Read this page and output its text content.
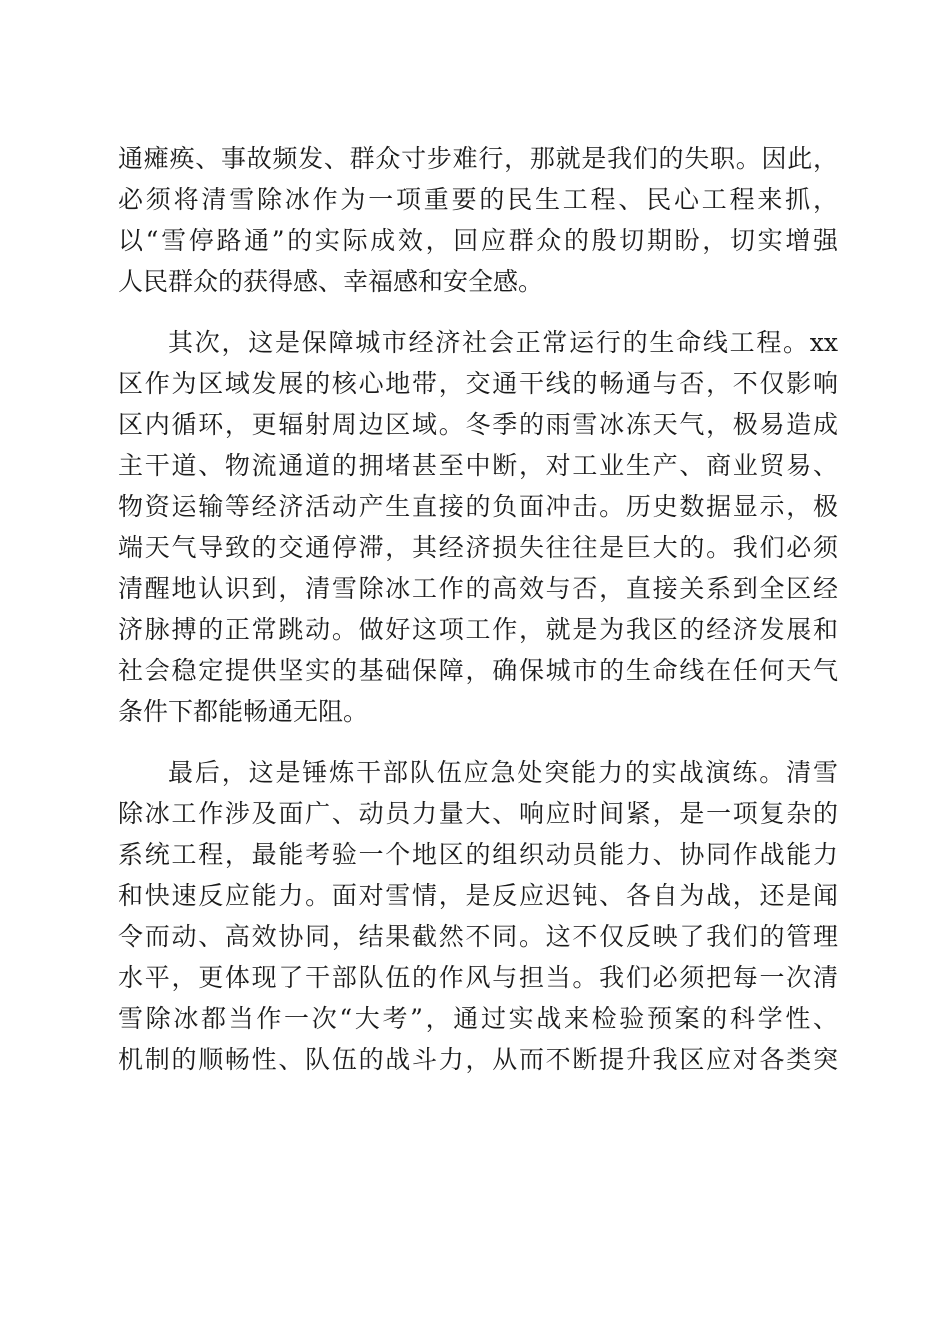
通瘫痪、事故频发、群众寸步难行，那就是我们的失职。因此，
必须将清雪除冰作为一项重要的民生工程、民心工程来抓，
以“雪停路通”的实际成效，回应群众的殷切期盼，切实增强
人民群众的获得感、幸福感和安全感。
其次，这是保障城市经济社会正常运行的生命线工程。xx
区作为区域发展的核心地带，交通干线的畅通与否，不仅影响
区内循环，更辐射周边区域。冬季的雨雪冰冻天气，极易造成
主干道、物流通道的拥堵甚至中断，对工业生产、商业贸易、
物资运输等经济活动产生直接的负面冲击。历史数据显示，极
端天气导致的交通停滞，其经济损失往往是巨大的。我们必须
清醒地认识到，清雪除冰工作的高效与否，直接关系到全区经
济脉搏的正常跳动。做好这项工作，就是为我区的经济发展和
社会稳定提供坚实的基础保障，确保城市的生命线在任何天气
条件下都能畅通无阻。
最后，这是锤炼干部队伍应急处突能力的实战演练。清雪
除冰工作涉及面广、动员力量大、响应时间紧，是一项复杂的
系统工程，最能考验一个地区的组织动员能力、协同作战能力
和快速反应能力。面对雪情，是反应迟钝、各自为战，还是闻
令而动、高效协同，结果截然不同。这不仅反映了我们的管理
水平，更体现了干部队伍的作风与担当。我们必须把每一次清
雪除冰都当作一次“大考”，通过实战来检验预案的科学性、
机制的顺畅性、队伍的战斗力，从而不断提升我区应对各类突
